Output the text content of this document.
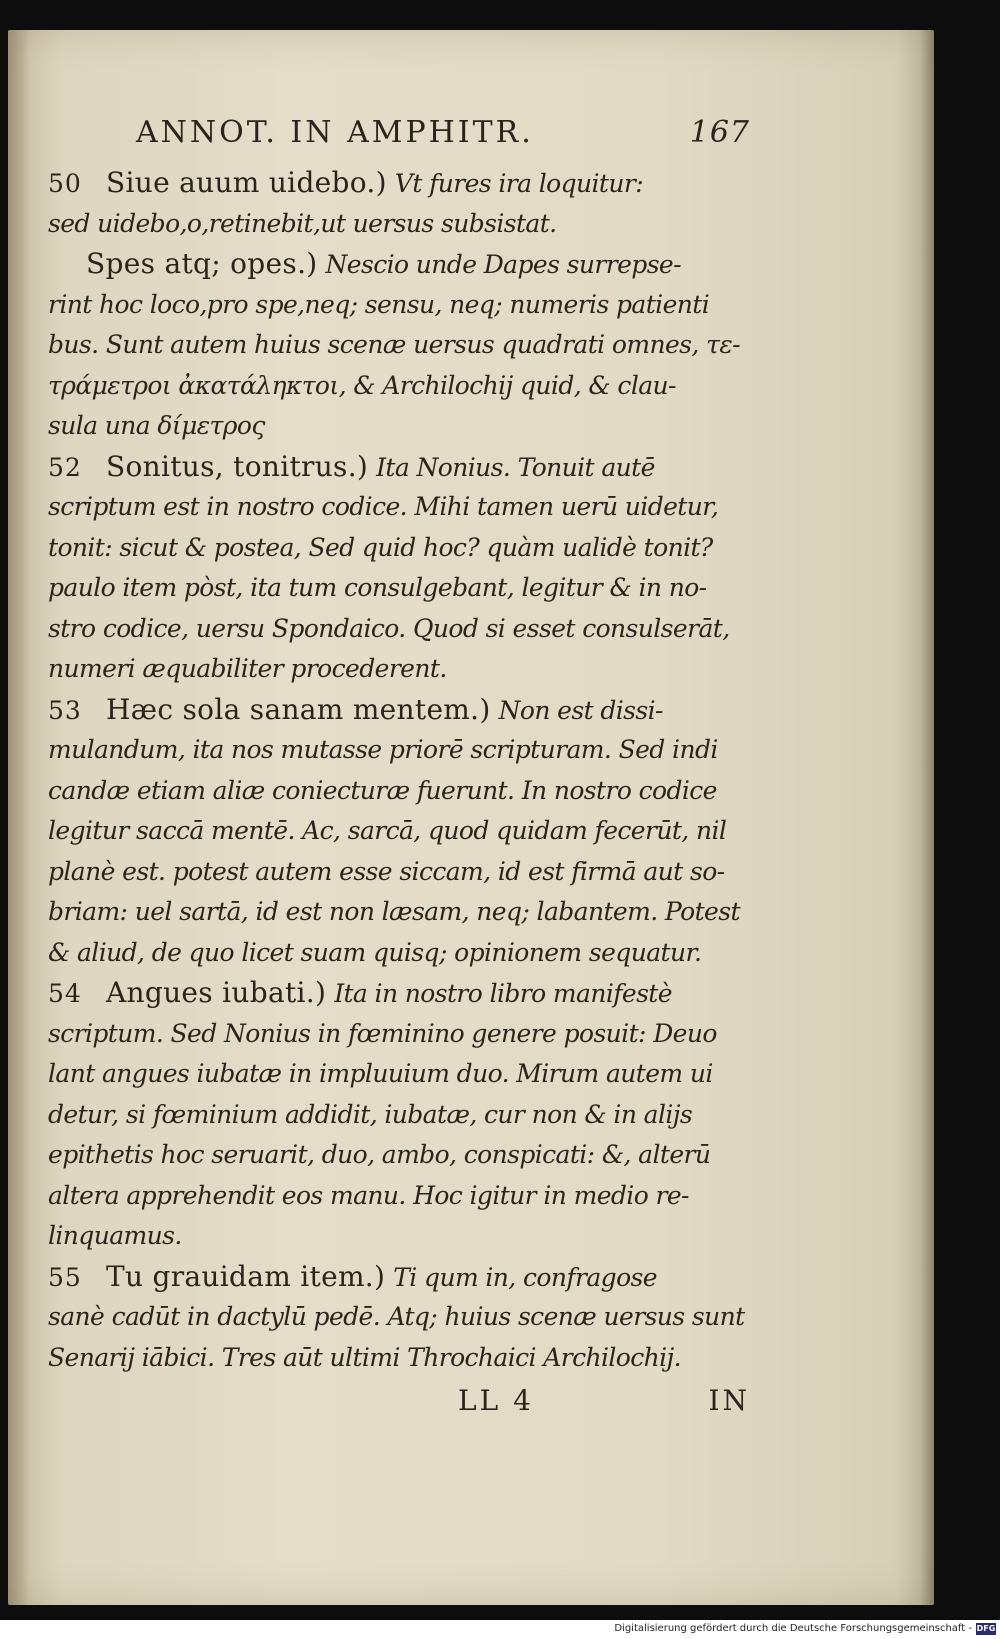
ANNOT. IN AMPHITR.	167
50 Siue auum uidebo.) Vt fures ira loquitur:
sed uidebo,o,retinebit,ut uersus subsistat.
Spes atq; opes.) Nescio unde Dapes surrepse-
rint hoc loco,pro spe,neq; sensu, neq; numeris patienti
bus. Sunt autem huius scenæ uersus quadrati omnes, τε-
τράμετροι ἀκατάληκτοι, & Archilochij quid, & clau-
sula una δίμετρος
52 Sonitus, tonitrus.) Ita Nonius. Tonuit autē
scriptum est in nostro codice. Mihi tamen uerū uidetur,
tonit: sicut & postea, Sed quid hoc? quàm ualidè tonit?
paulo item pòst, ita tum consulgebant, legitur & in no-
stro codice, uersu Spondaico. Quod si esset consulserāt,
numeri æquabiliter procederent.
53 Hæc sola sanam mentem.) Non est dissi-
mulandum, ita nos mutasse priorē scripturam. Sed indi
candæ etiam aliæ coniecturæ fuerunt. In nostro codice
legitur saccā mentē. Ac, sarcā, quod quidam fecerūt, nil
planè est. potest autem esse siccam, id est firmā aut so-
briam: uel sartā, id est non læsam, neq; labantem. Potest
& aliud, de quo licet suam quisq; opinionem sequatur.
54 Angues iubati.) Ita in nostro libro manifestè
scriptum. Sed Nonius in fœminino genere posuit: Deuo
lant angues iubatæ in impluuium duo. Mirum autem ui
detur, si fœminium addidit, iubatæ, cur non & in alijs
epithetis hoc seruarit, duo, ambo, conspicati: &, alterū
altera apprehendit eos manu. Hoc igitur in medio re-
linquamus.
55 Tu grauidam item.) Ti qum in, confragose
sanè cadūt in dactylū pedē. Atq; huius scenæ uersus sunt
Senarij iābici. Tres aūt ultimi Throchaici Archilochij.
LL 4	IN
Digitalisierung gefördert durch die Deutsche Forschungsgemeinschaft - DFG
